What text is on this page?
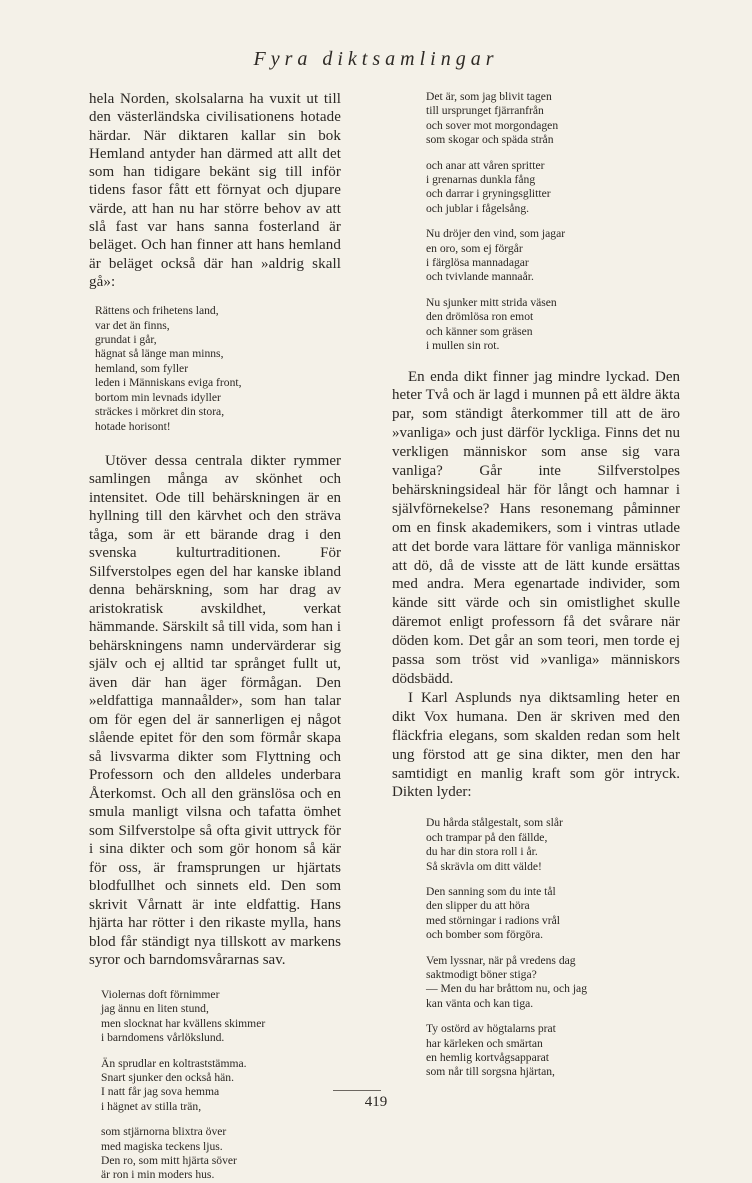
Fyra diktsamlingar

hela Norden, skolsalarna ha vuxit ut till den västerländska civilisationens hotade härdar. När diktaren kallar sin bok Hemland antyder han därmed att allt det som han tidigare bekänt sig till inför tidens fasor fått ett förnyat och djupare värde, att han nu har större behov av att slå fast var hans sanna fosterland är beläget. Och han finner att hans hemland är beläget också där han »aldrig skall gå»:

Rättens och frihetens land,
var det än finns,
grundat i går,
hägnat så länge man minns,
hemland, som fyller
leden i Människans eviga front,
bortom min levnads idyller
sträckes i mörkret din stora,
hotade horisont!

Utöver dessa centrala dikter rymmer samlingen många av skönhet och intensitet. Ode till behärskningen är en hyllning till den kärvhet och den sträva tåga, som är ett bärande drag i den svenska kulturtraditionen. För Silfverstolpes egen del har kanske ibland denna behärskning, som har drag av aristokratisk avskildhet, verkat hämmande. Särskilt så till vida, som han i behärskningens namn undervärderar sig själv och ej alltid tar språnget fullt ut, även där han äger förmågan. Den »eldfattiga mannaålder», som han talar om för egen del är sannerligen ej något slående epitet för den som förmår skapa så livsvarma dikter som Flyttning och Professorn och den alldeles underbara Återkomst. Och all den gränslösa och en smula manligt vilsna och tafatta ömhet som Silfverstolpe så ofta givit uttryck för i sina dikter och som gör honom så kär för oss, är framsprungen ur hjärtats blodfullhet och sinnets eld. Den som skrivit Vårnatt är inte eldfattig. Hans hjärta har rötter i den rikaste mylla, hans blod får ständigt nya tillskott av markens syror och barndomsvårarnas sav.

Violernas doft förnimmer
jag ännu en liten stund,
men slocknat har kvällens skimmer
i barndomens vårlökslund.
Än sprudlar en koltraststämma.
Snart sjunker den också hän.
I natt får jag sova hemma
i hägnet av stilla trän,
som stjärnorna blixtra över
med magiska teckens ljus.
Den ro, som mitt hjärta söver
är ron i min moders hus.
Det är, som jag blivit tagen
till ursprunget fjärranfrån
och sover mot morgondagen
som skogar och späda strån
och anar att våren spritter
i grenarnas dunkla fång
och darrar i gryningsglitter
och jublar i fågelsång.
Nu dröjer den vind, som jagar
en oro, som ej förgår
i färglösa mannadagar
och tvivlande mannaår.
Nu sjunker mitt strida väsen
den drömlösa ron emot
och känner som gräsen
i mullen sin rot.

En enda dikt finner jag mindre lyckad. Den heter Två och är lagd i munnen på ett äldre äkta par, som ständigt återkommer till att de äro »vanliga» och just därför lyckliga. Finns det nu verkligen människor som anse sig vara vanliga? Går inte Silfverstolpes behärskningsideal här för långt och hamnar i självförnekelse? Hans resonemang påminner om en finsk akademikers, som i vintras utlade att det borde vara lättare för vanliga människor att dö, då de visste att de lätt kunde ersättas med andra. Mera egenartade individer, som kände sitt värde och sin omistlighet skulle däremot enligt professorn få det svårare när döden kom. Det går an som teori, men torde ej passa som tröst vid »vanliga» människors dödsbädd.

I Karl Asplunds nya diktsamling heter en dikt Vox humana. Den är skriven med den fläckfria elegans, som skalden redan som helt ung förstod att ge sina dikter, men den har samtidigt en manlig kraft som gör intryck. Dikten lyder:

Du hårda stålgestalt, som slår
och trampar på den fällde,
du har din stora roll i år.
Så skrävla om ditt välde!
Den sanning som du inte tål
den slipper du att höra
med störningar i radions vrål
och bomber som förgöra.
Vem lyssnar, när på vredens dag
saktmodigt böner stiga?
— Men du har bråttom nu, och jag
kan vänta och kan tiga.
Ty ostörd av högtalarns prat
har kärleken och smärtan
en hemlig kortvågsapparat
som når till sorgsna hjärtan,
419
